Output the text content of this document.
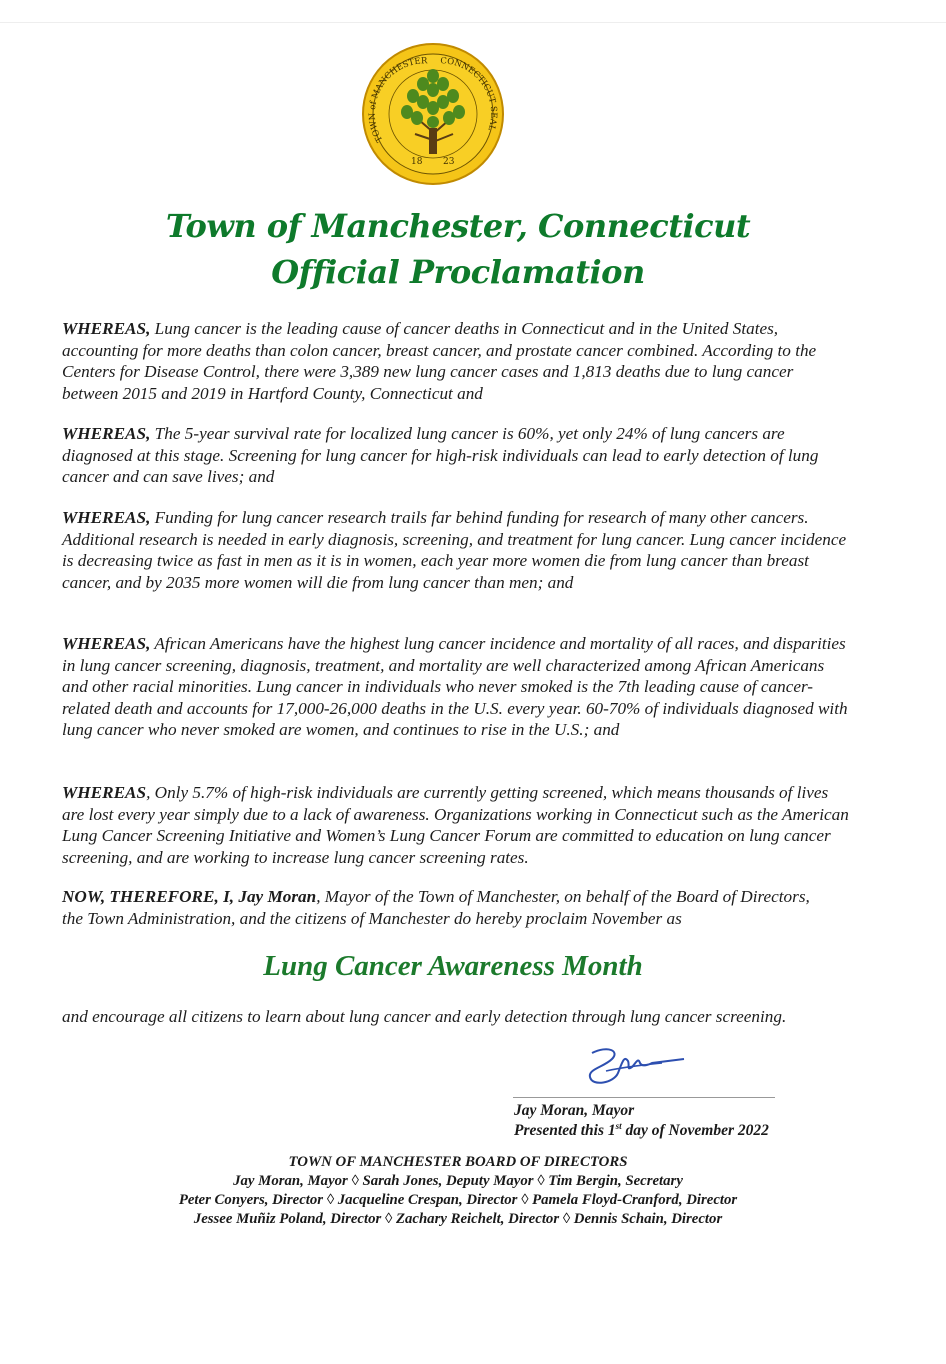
TOWN of MANCHESTER CONNECTICUT SEAL
18 23
Town of Manchester, Connecticut
Official Proclamation

WHEREAS, Lung cancer is the leading cause of cancer deaths in Connecticut and in the United States, accounting for more deaths than colon cancer, breast cancer, and prostate cancer combined. According to the Centers for Disease Control, there were 3,389 new lung cancer cases and 1,813 deaths due to lung cancer between 2015 and 2019 in Hartford County, Connecticut and

WHEREAS, The 5-year survival rate for localized lung cancer is 60%, yet only 24% of lung cancers are diagnosed at this stage. Screening for lung cancer for high-risk individuals can lead to early detection of lung cancer and can save lives; and

WHEREAS, Funding for lung cancer research trails far behind funding for research of many other cancers. Additional research is needed in early diagnosis, screening, and treatment for lung cancer. Lung cancer incidence is decreasing twice as fast in men as it is in women, each year more women die from lung cancer than breast cancer, and by 2035 more women will die from lung cancer than men; and

WHEREAS, African Americans have the highest lung cancer incidence and mortality of all races, and disparities in lung cancer screening, diagnosis, treatment, and mortality are well characterized among African Americans and other racial minorities. Lung cancer in individuals who never smoked is the 7th leading cause of cancer-related death and accounts for 17,000-26,000 deaths in the U.S. every year. 60-70% of individuals diagnosed with lung cancer who never smoked are women, and continues to rise in the U.S.; and

WHEREAS, Only 5.7% of high-risk individuals are currently getting screened, which means thousands of lives are lost every year simply due to a lack of awareness. Organizations working in Connecticut such as the American Lung Cancer Screening Initiative and Women’s Lung Cancer Forum are committed to education on lung cancer screening, and are working to increase lung cancer screening rates.

NOW, THEREFORE, I, Jay Moran, Mayor of the Town of Manchester, on behalf of the Board of Directors, the Town Administration, and the citizens of Manchester do hereby proclaim November as

Lung Cancer Awareness Month

and encourage all citizens to learn about lung cancer and early detection through lung cancer screening.

Jay Moran, Mayor

Presented this 1st day of November 2022

TOWN OF MANCHESTER BOARD OF DIRECTORS

Jay Moran, Mayor ◊ Sarah Jones, Deputy Mayor ◊ Tim Bergin, Secretary

Peter Conyers, Director ◊ Jacqueline Crespan, Director ◊ Pamela Floyd-Cranford, Director

Jessee Muñiz Poland, Director ◊ Zachary Reichelt, Director ◊ Dennis Schain, Director
